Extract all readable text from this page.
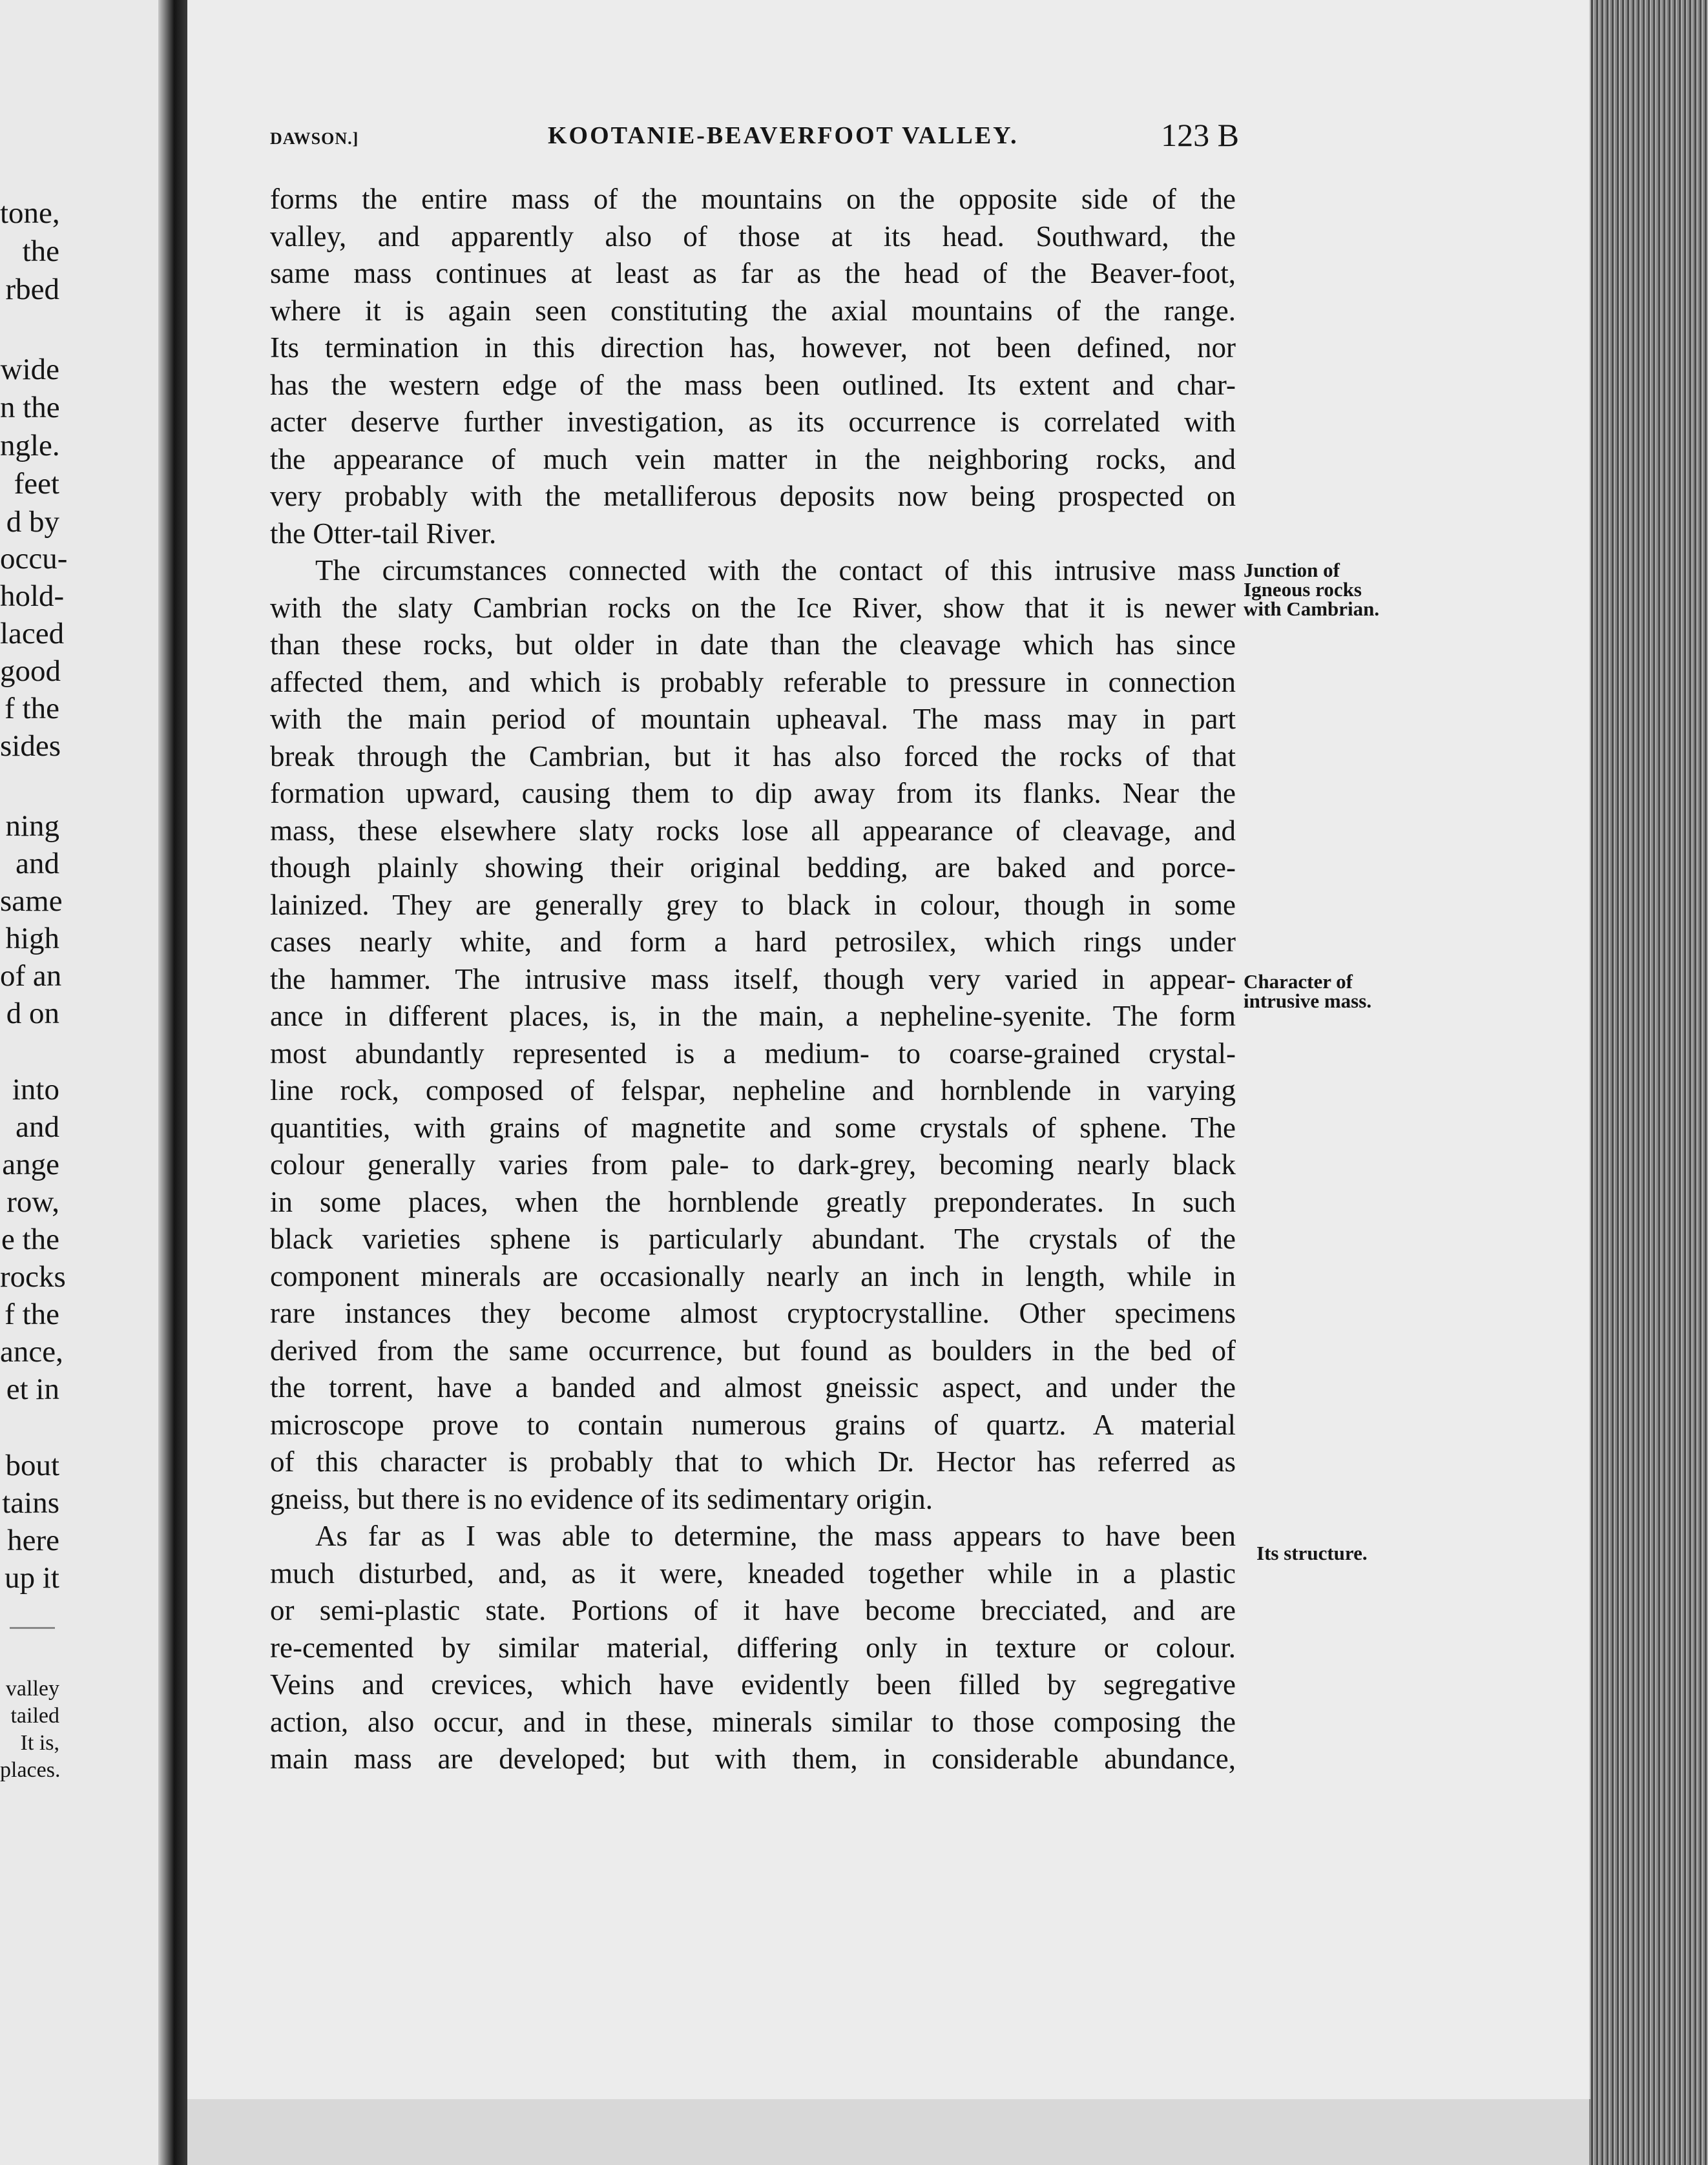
tone,
the
rbed
wide
n the
ngle.
feet
d by
occu-
hold-
laced
good
f the
sides
ning
and
same
high
of an
d on
into
and
ange
row,
e the
rocks
f the
ance,
et in
bout
tains
here
up it
valley
tailed
It is,
places.
DAWSON.]	KOOTANIE-BEAVERFOOT VALLEY.	123 B
forms the entire mass of the mountains on the opposite side of the
valley, and apparently also of those at its head. Southward, the
same mass continues at least as far as the head of the Beaver-foot,
where it is again seen constituting the axial mountains of the range.
Its termination in this direction has, however, not been defined, nor
has the western edge of the mass been outlined. Its extent and char-
acter deserve further investigation, as its occurrence is correlated with
the appearance of much vein matter in the neighboring rocks, and
very probably with the metalliferous deposits now being prospected on
the Otter-tail River.
The circumstances connected with the contact of this intrusive mass
with the slaty Cambrian rocks on the Ice River, show that it is newer
than these rocks, but older in date than the cleavage which has since
affected them, and which is probably referable to pressure in connection
with the main period of mountain upheaval. The mass may in part
break through the Cambrian, but it has also forced the rocks of that
formation upward, causing them to dip away from its flanks. Near the
mass, these elsewhere slaty rocks lose all appearance of cleavage, and
though plainly showing their original bedding, are baked and porce-
lainized. They are generally grey to black in colour, though in some
cases nearly white, and form a hard petrosilex, which rings under
the hammer. The intrusive mass itself, though very varied in appear-
ance in different places, is, in the main, a nepheline-syenite. The form
most abundantly represented is a medium- to coarse-grained crystal-
line rock, composed of felspar, nepheline and hornblende in varying
quantities, with grains of magnetite and some crystals of sphene. The
colour generally varies from pale- to dark-grey, becoming nearly black
in some places, when the hornblende greatly preponderates. In such
black varieties sphene is particularly abundant. The crystals of the
component minerals are occasionally nearly an inch in length, while in
rare instances they become almost cryptocrystalline. Other specimens
derived from the same occurrence, but found as boulders in the bed of
the torrent, have a banded and almost gneissic aspect, and under the
microscope prove to contain numerous grains of quartz. A material
of this character is probably that to which Dr. Hector has referred as
gneiss, but there is no evidence of its sedimentary origin.
As far as I was able to determine, the mass appears to have been
much disturbed, and, as it were, kneaded together while in a plastic
or semi-plastic state. Portions of it have become brecciated, and are
re-cemented by similar material, differing only in texture or colour.
Veins and crevices, which have evidently been filled by segregative
action, also occur, and in these, minerals similar to those composing the
main mass are developed; but with them, in considerable abundance,
Junction of
Igneous rocks
with Cambrian.
Character of
intrusive mass.
Its structure.
